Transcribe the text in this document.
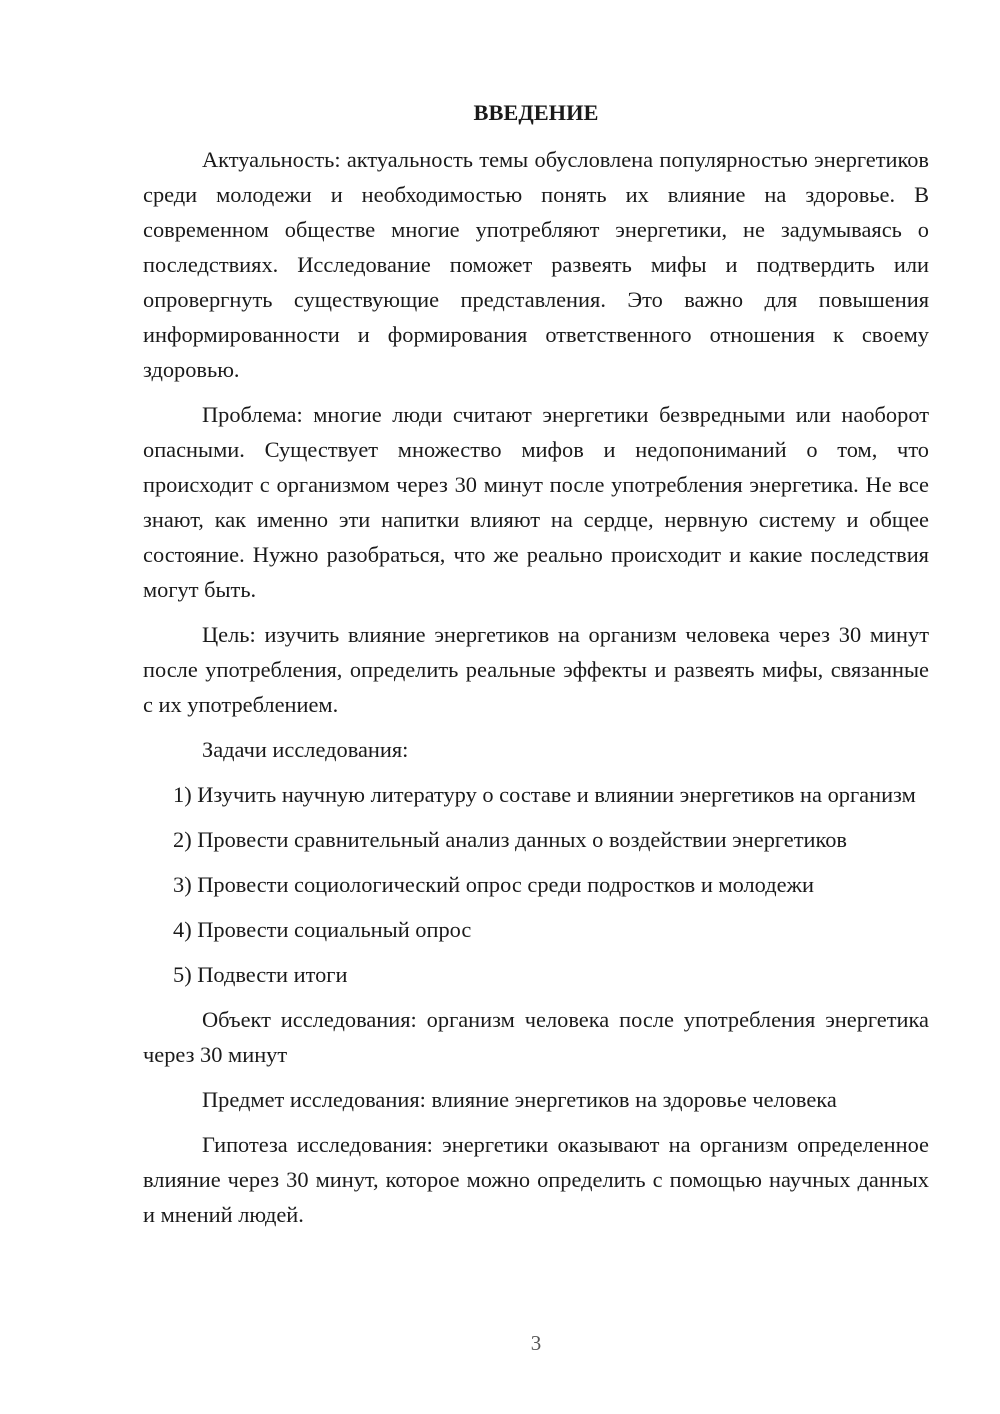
ВВЕДЕНИЕ

Актуальность: актуальность темы обусловлена популярностью энергетиков среди молодежи и необходимостью понять их влияние на здоровье. В современном обществе многие употребляют энергетики, не задумываясь о последствиях. Исследование поможет развеять мифы и подтвердить или опровергнуть существующие представления. Это важно для повышения информированности и формирования ответственного отношения к своему здоровью.

Проблема: многие люди считают энергетики безвредными или наоборот опасными. Существует множество мифов и недопониманий о том, что происходит с организмом через 30 минут после употребления энергетика. Не все знают, как именно эти напитки влияют на сердце, нервную систему и общее состояние. Нужно разобраться, что же реально происходит и какие последствия могут быть.

Цель: изучить влияние энергетиков на организм человека через 30 минут после употребления, определить реальные эффекты и развеять мифы, связанные с их употреблением.

Задачи исследования:

1) Изучить научную литературу о составе и влиянии энергетиков на организм

2) Провести сравнительный анализ данных о воздействии энергетиков

3) Провести социологический опрос среди подростков и молодежи

4) Провести социальный опрос

5) Подвести итоги

Объект исследования: организм человека после употребления энергетика через 30 минут

Предмет исследования: влияние энергетиков на здоровье человека

Гипотеза исследования: энергетики оказывают на организм определенное влияние через 30 минут, которое можно определить с помощью научных данных и мнений людей.

3
